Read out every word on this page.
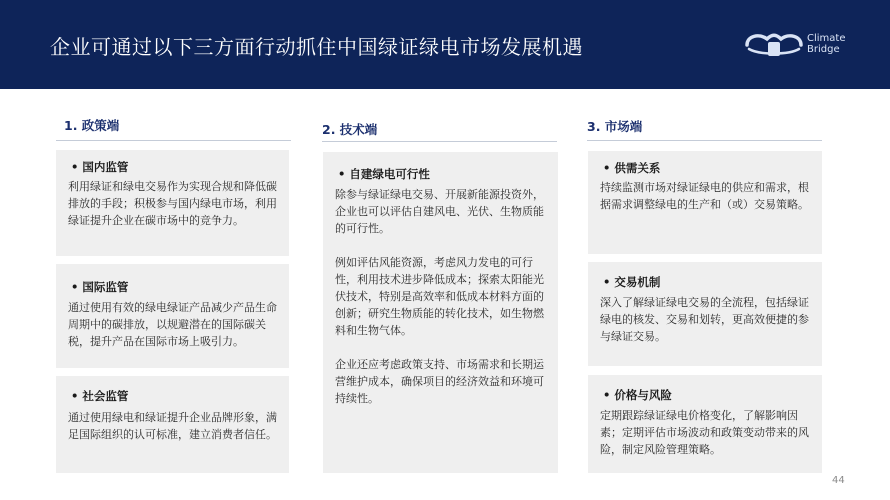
企业可通过以下三方面行动抓住中国绿证绿电市场发展机遇	Climate
Bridge
1. 政策端
• 国内监管
利用绿证和绿电交易作为实现合规和降低碳排放的手段；积极参与国内绿电市场，利用绿证提升企业在碳市场中的竞争力。
• 国际监管
通过使用有效的绿电绿证产品减少产品生命周期中的碳排放，以规避潜在的国际碳关税，提升产品在国际市场上吸引力。
• 社会监管
通过使用绿电和绿证提升企业品牌形象，满足国际组织的认可标准，建立消费者信任。
2. 技术端
• 自建绿电可行性
除参与绿证绿电交易、开展新能源投资外，企业也可以评估自建风电、光伏、生物质能的可行性。
例如评估风能资源，考虑风力发电的可行性，利用技术进步降低成本；探索太阳能光伏技术，特别是高效率和低成本材料方面的创新；研究生物质能的转化技术，如生物燃料和生物气体。
企业还应考虑政策支持、市场需求和长期运营维护成本，确保项目的经济效益和环境可持续性。
3. 市场端
• 供需关系
持续监测市场对绿证绿电的供应和需求，根据需求调整绿电的生产和（或）交易策略。
• 交易机制
深入了解绿证绿电交易的全流程，包括绿证绿电的核发、交易和划转，更高效便捷的参与绿证交易。
• 价格与风险
定期跟踪绿证绿电价格变化，了解影响因素；定期评估市场波动和政策变动带来的风险，制定风险管理策略。
44
